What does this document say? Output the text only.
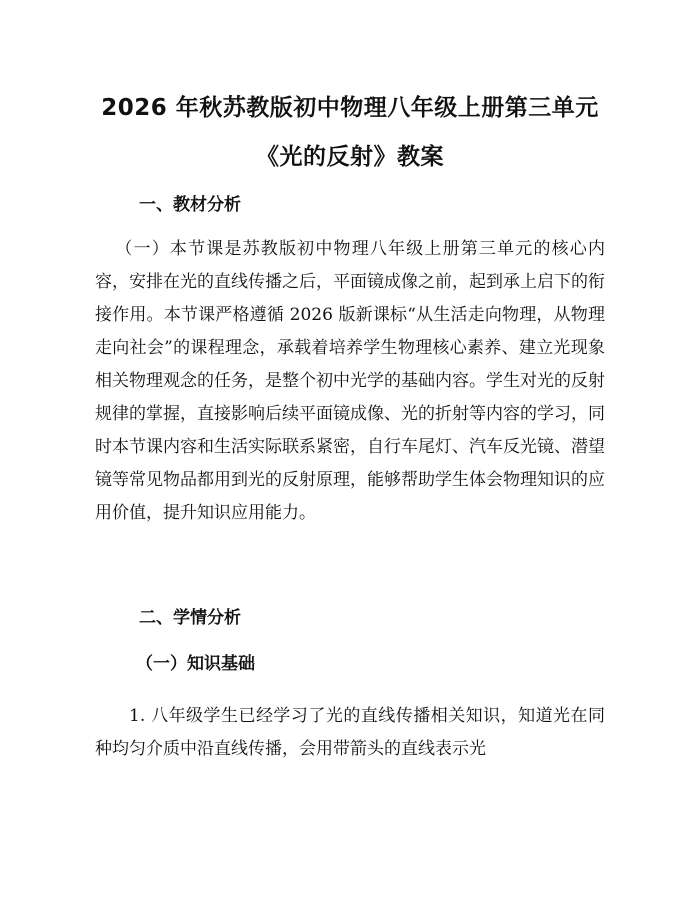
2026 年秋苏教版初中物理八年级上册第三单元《光的反射》教案
一、教材分析

（一）本节课是苏教版初中物理八年级上册第三单元的核心内容，安排在光的直线传播之后，平面镜成像之前，起到承上启下的衔接作用。本节课严格遵循 2026 版新课标“从生活走向物理，从物理走向社会”的课程理念，承载着培养学生物理核心素养、建立光现象相关物理观念的任务，是整个初中光学的基础内容。学生对光的反射规律的掌握，直接影响后续平面镜成像、光的折射等内容的学习，同时本节课内容和生活实际联系紧密，自行车尾灯、汽车反光镜、潜望镜等常见物品都用到光的反射原理，能够帮助学生体会物理知识的应用价值，提升知识应用能力。

二、学情分析
（一）知识基础

1. 八年级学生已经学习了光的直线传播相关知识，知道光在同种均匀介质中沿直线传播，会用带箭头的直线表示光
